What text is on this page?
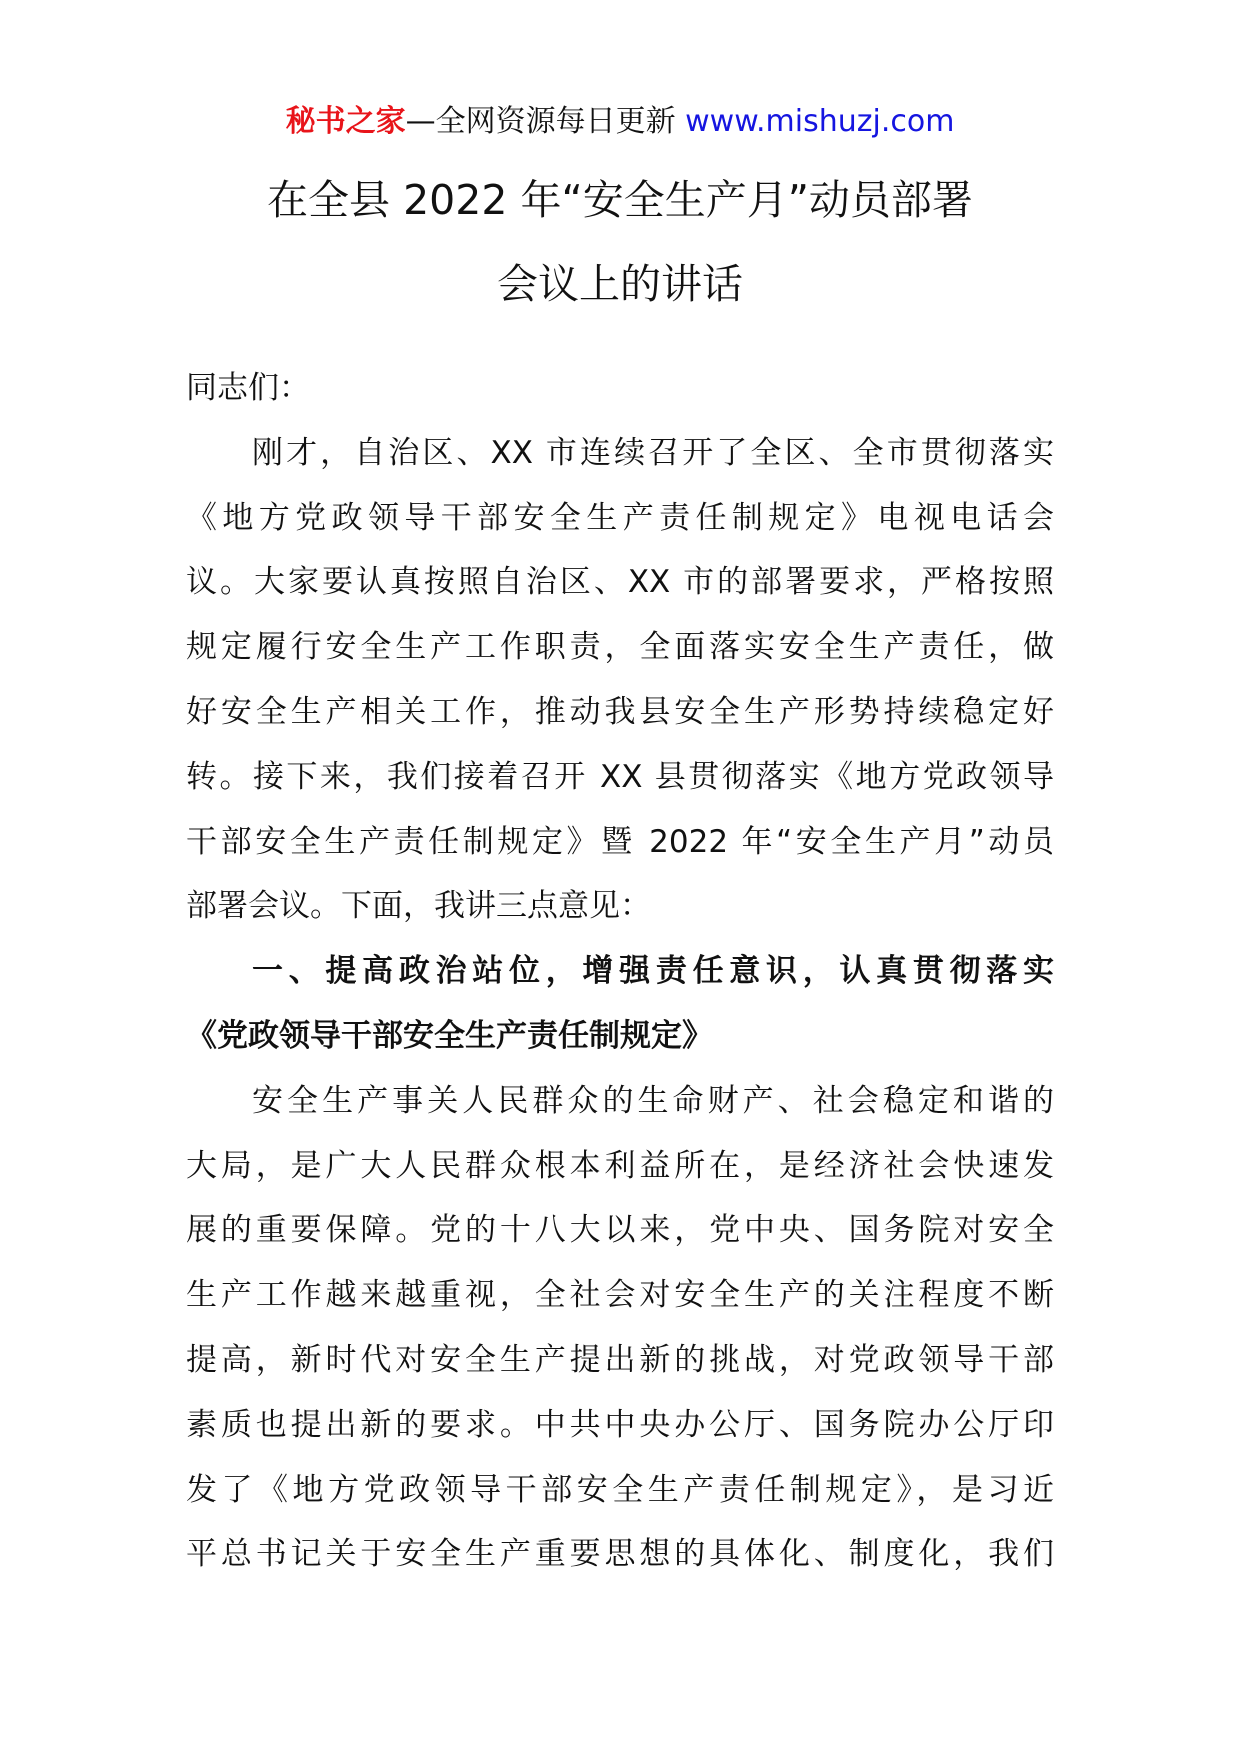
秘书之家—全网资源每日更新 www.mishuzj.com
在全县 2022 年“安全生产月”动员部署
会议上的讲话
同志们：
刚才，自治区、XX 市连续召开了全区、全市贯彻落实
《地方党政领导干部安全生产责任制规定》电视电话会
议。大家要认真按照自治区、XX 市的部署要求，严格按照
规定履行安全生产工作职责，全面落实安全生产责任，做
好安全生产相关工作，推动我县安全生产形势持续稳定好
转。接下来，我们接着召开 XX 县贯彻落实《地方党政领导
干部安全生产责任制规定》暨 2022 年“安全生产月”动员
部署会议。下面，我讲三点意见：
一、提高政治站位，增强责任意识，认真贯彻落实
《党政领导干部安全生产责任制规定》
安全生产事关人民群众的生命财产、社会稳定和谐的
大局，是广大人民群众根本利益所在，是经济社会快速发
展的重要保障。党的十八大以来，党中央、国务院对安全
生产工作越来越重视，全社会对安全生产的关注程度不断
提高，新时代对安全生产提出新的挑战，对党政领导干部
素质也提出新的要求。中共中央办公厅、国务院办公厅印
发了《地方党政领导干部安全生产责任制规定》，是习近
平总书记关于安全生产重要思想的具体化、制度化，我们
